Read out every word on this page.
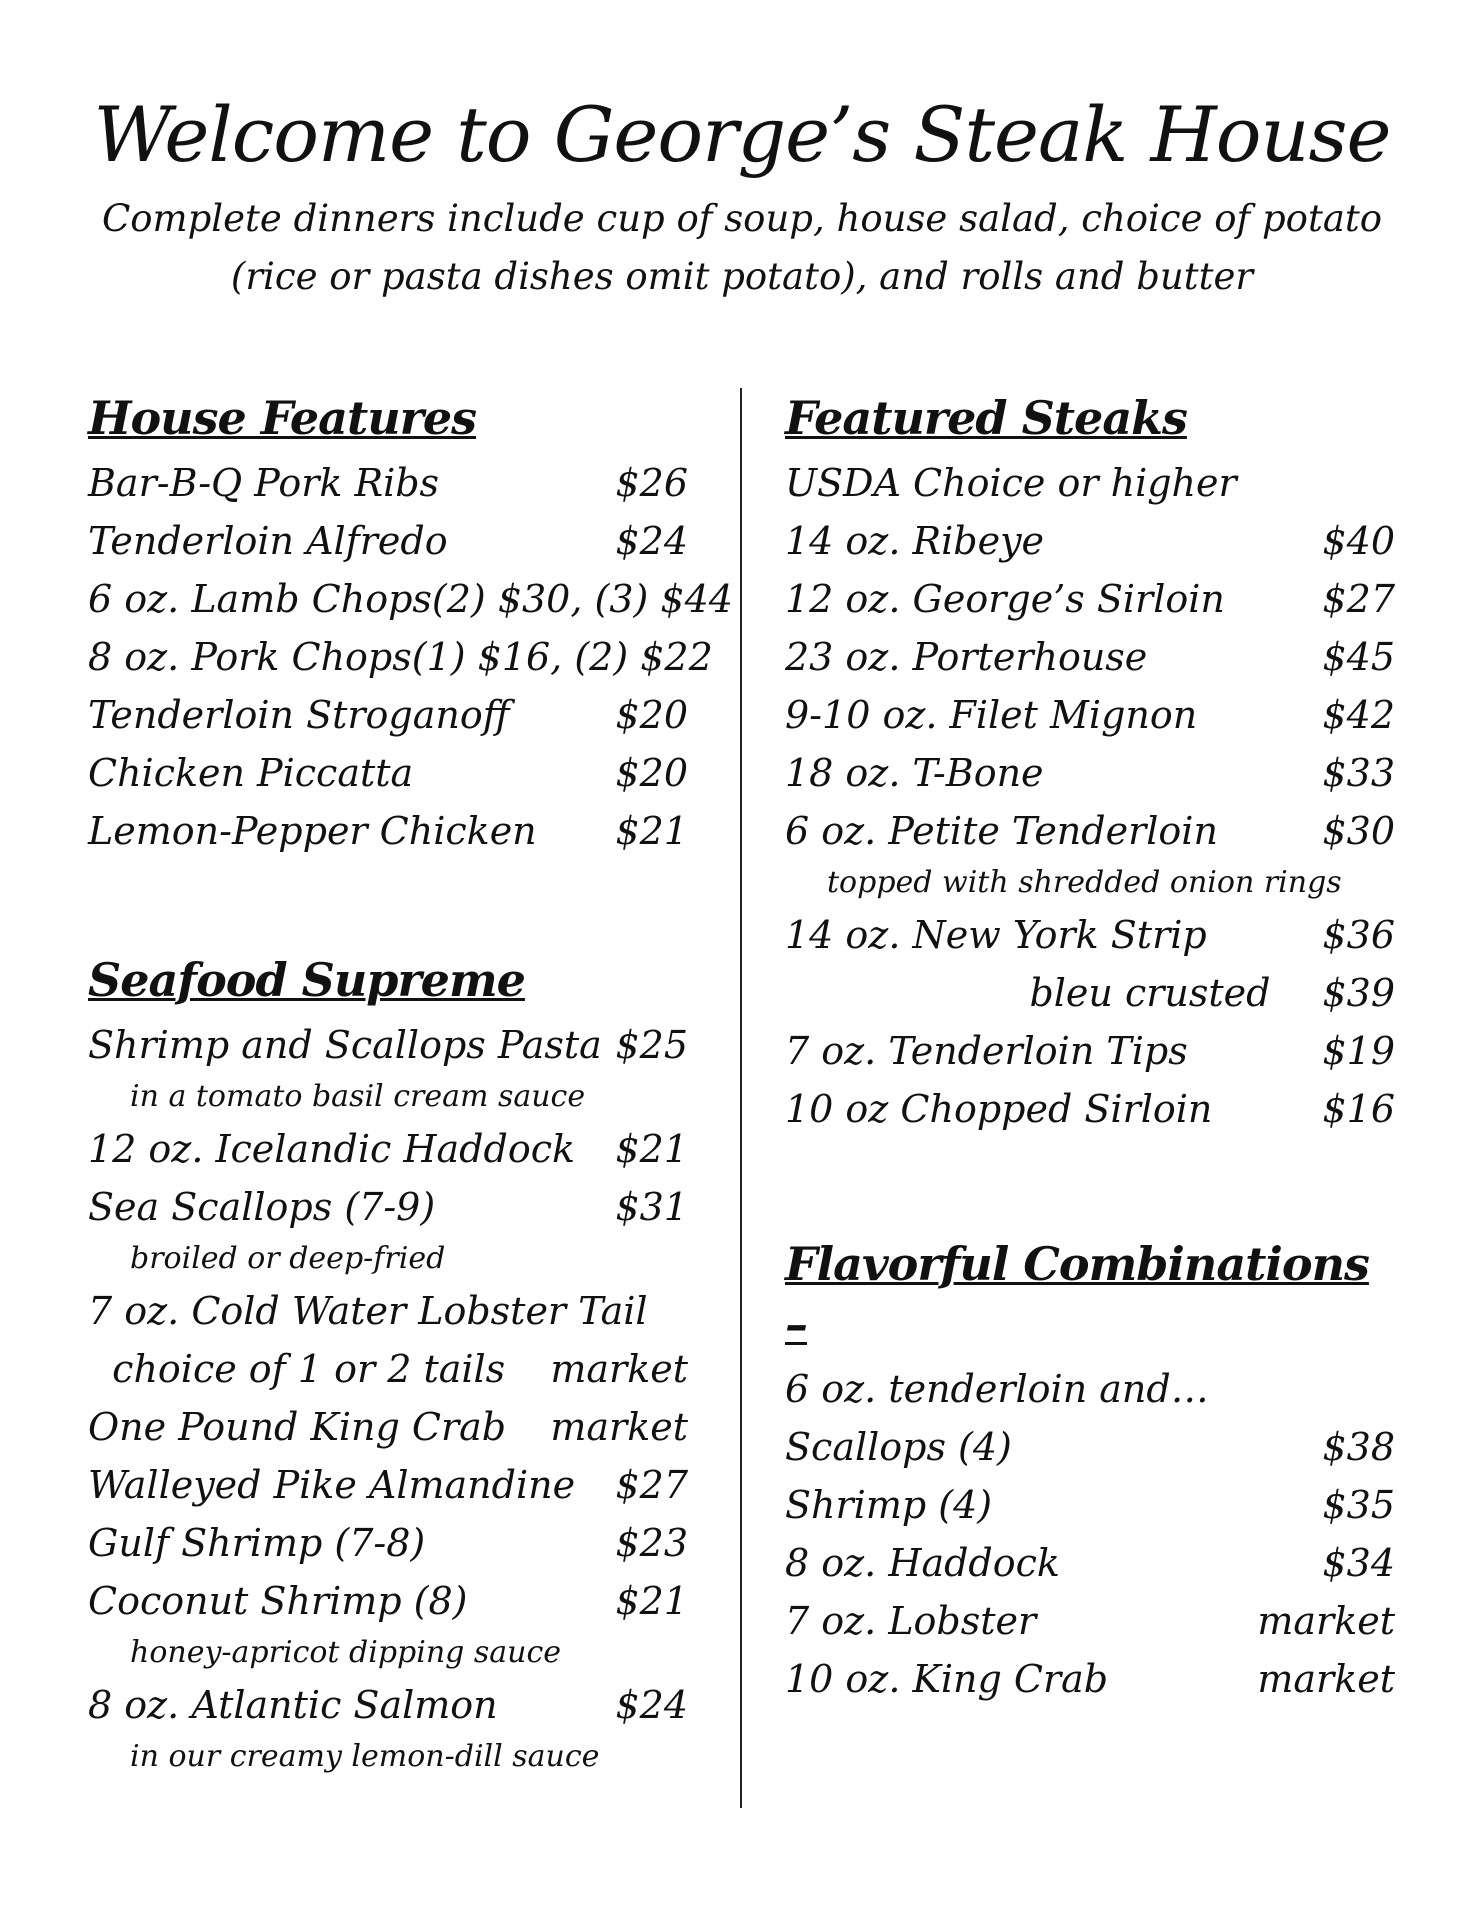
Welcome to George’s Steak House
Complete dinners include cup of soup, house salad, choice of potato
(rice or pasta dishes omit potato), and rolls and butter
House Features
Bar-B-Q Pork Ribs	$26
Tenderloin Alfredo	$24
6 oz. Lamb Chops (2) $30, (3) $44
8 oz. Pork Chops (1) $16, (2) $22
Tenderloin Stroganoff	$20
Chicken Piccatta	$20
Lemon-Pepper Chicken $21
Seafood Supreme
Shrimp and Scallops Pasta $25
in a tomato basil cream sauce
12 oz. Icelandic Haddock $21
Sea Scallops (7-9)	$31
broiled or deep-fried
7 oz. Cold Water Lobster Tail
choice of 1 or 2 tails market
One Pound King Crab market
Walleyed Pike Almandine $27
Gulf Shrimp (7-8)	$23
Coconut Shrimp (8)	$21
honey-apricot dipping sauce
8 oz. Atlantic Salmon	$24
in our creamy lemon-dill sauce
Featured Steaks
USDA Choice or higher
14 oz. Ribeye	$40
12 oz. George’s Sirloin	$27
23 oz. Porterhouse	$45
9-10 oz. Filet Mignon	$42
18 oz. T-Bone	$33
6 oz. Petite Tenderloin	$30
topped with shredded onion rings
14 oz. New York Strip	$36
bleu crusted $39
7 oz. Tenderloin Tips	$19
10 oz Chopped Sirloin	$16
Flavorful Combinations –
6 oz. tenderloin and…
Scallops (4)	$38
Shrimp (4)	$35
8 oz. Haddock	$34
7 oz. Lobster	market
10 oz. King Crab	market
